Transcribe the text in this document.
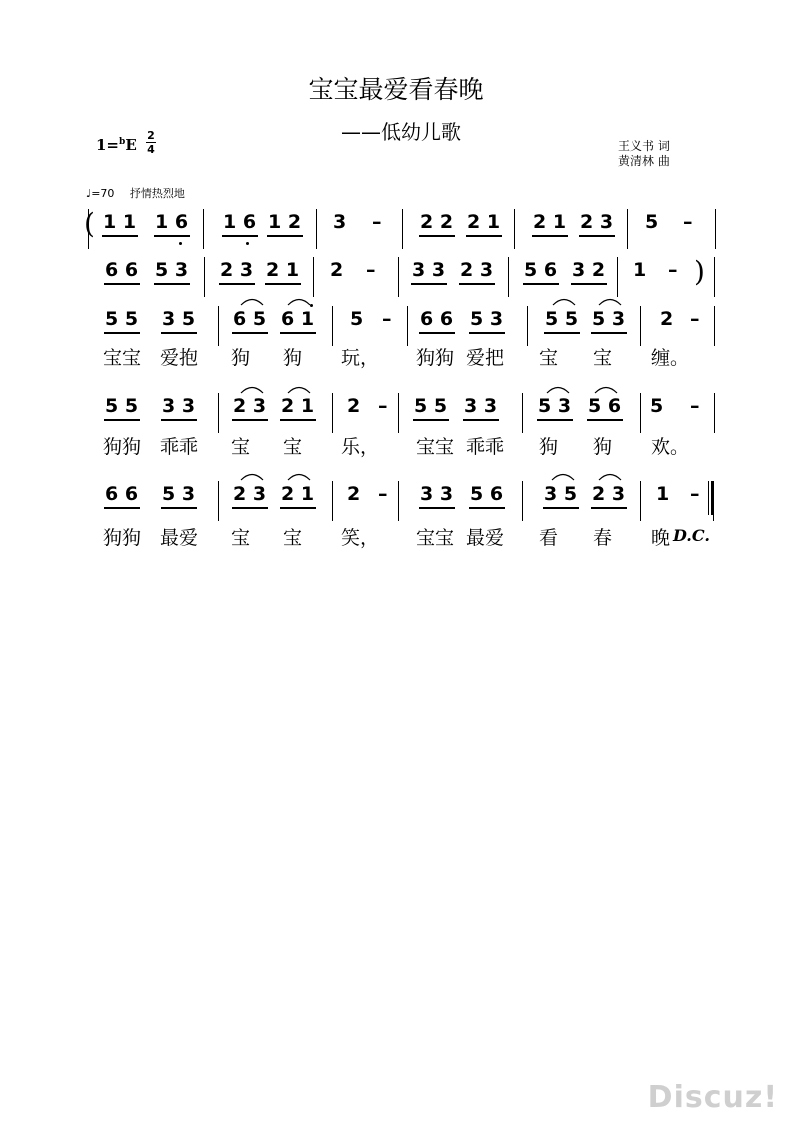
宝宝最爱看春晚
——低幼儿歌
1=$^b$E
2
4	王义书 词
黄清林 曲
♩=70 抒情热烈地
1 1 1 6 1 6 1 2 3 – 2 2 2 1 2 1 2 3 5 –
6 6 5 3 2 3 2 1 2 – 3 3 2 3 5 6 3 2 1 –
5 5 3 5 6 5 6 1 5 – 6 6 5 3 5 5 5 3 2 –
宝宝 爱抱 狗 狗 玩， 狗狗 爱把 宝 宝 缠。
5 5 3 3 2 3 2 1 2 – 5 5 3 3 5 3 5 6 5 –
狗狗 乖乖 宝 宝 乐， 宝宝 乖乖 狗 狗 欢。
6 6 5 3 2 3 2 1 2 – 3 3 5 6 3 5 2 3 1 –
狗狗 最爱 宝 宝 笑， 宝宝 最爱 看 春 晚
(
)
D.C.
Discuz!
